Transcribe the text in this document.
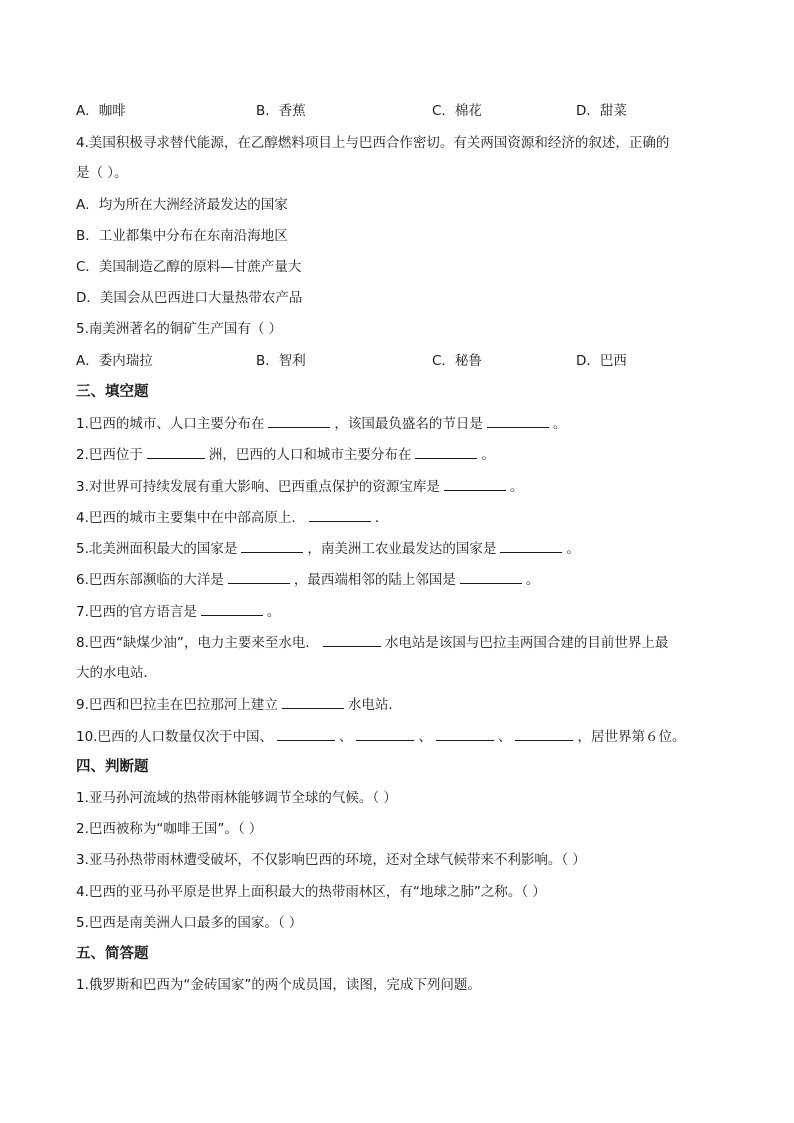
A．咖啡	B．香蕉	C．棉花	D．甜菜
4.美国积极寻求替代能源，在乙醇燃料项目上与巴西合作密切。有关两国资源和经济的叙述，正确的
是（ ）。
A．均为所在大洲经济最发达的国家
B．工业都集中分布在东南沿海地区
C．美国制造乙醇的原料—甘蔗产量大
D．美国会从巴西进口大量热带农产品
5.南美洲著名的铜矿生产国有（ ）
A．委内瑞拉	B．智利	C．秘鲁	D．巴西
三、填空题
1.巴西的城市、人口主要分布在	，该国最负盛名的节日是	。
2.巴西位于	洲，巴西的人口和城市主要分布在	。
3.对世界可持续发展有重大影响、巴西重点保护的资源宝库是	。
4.巴西的城市主要集中在中部高原上．	．
5.北美洲面积最大的国家是	，南美洲工农业最发达的国家是	。
6.巴西东部濒临的大洋是	，最西端相邻的陆上邻国是	。
7.巴西的官方语言是	。
8.巴西“缺煤少油”，电力主要来至水电．	水电站是该国与巴拉圭两国合建的目前世界上最
大的水电站．
9.巴西和巴拉圭在巴拉那河上建立	水电站．
10.巴西的人口数量仅次于中国、	、	、	、	，居世界第６位。
四、判断题
1.亚马孙河流域的热带雨林能够调节全球的气候。（ ）
2.巴西被称为“咖啡王国”。（ ）
3.亚马孙热带雨林遭受破坏，不仅影响巴西的环境，还对全球气候带来不利影响。（ ）
4.巴西的亚马孙平原是世界上面积最大的热带雨林区，有“地球之肺”之称。（ ）
5.巴西是南美洲人口最多的国家。（ ）
五、简答题
1.俄罗斯和巴西为“金砖国家”的两个成员国，读图，完成下列问题。
